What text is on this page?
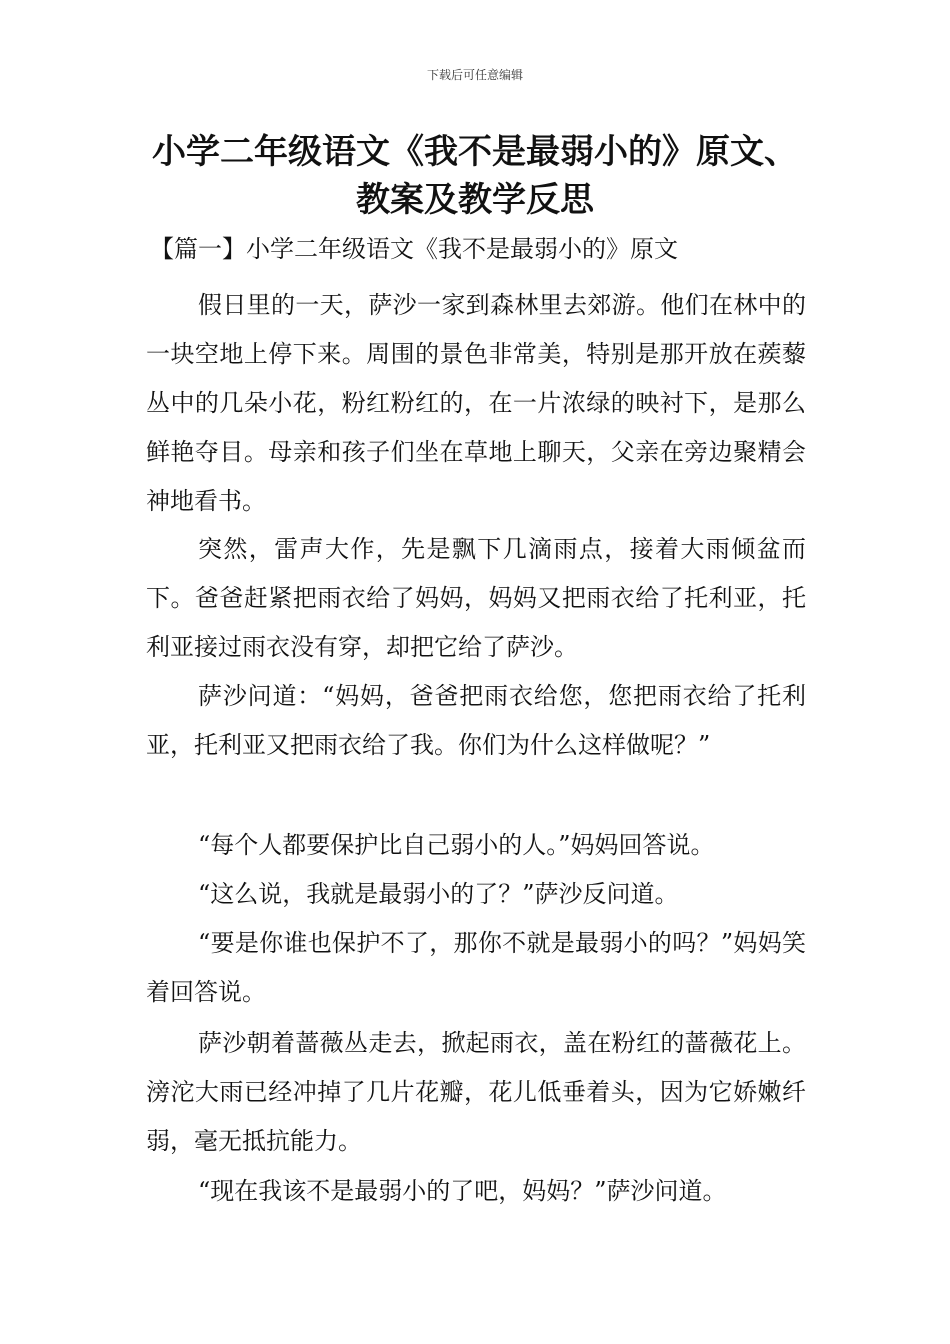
下载后可任意编辑
小学二年级语文《我不是最弱小的》原文、
教案及教学反思
【篇一】小学二年级语文《我不是最弱小的》原文

假日里的一天，萨沙一家到森林里去郊游。他们在林中的一块空地上停下来。周围的景色非常美，特别是那开放在蒺藜丛中的几朵小花，粉红粉红的，在一片浓绿的映衬下，是那么鲜艳夺目。母亲和孩子们坐在草地上聊天，父亲在旁边聚精会神地看书。

突然，雷声大作，先是飘下几滴雨点，接着大雨倾盆而下。爸爸赶紧把雨衣给了妈妈，妈妈又把雨衣给了托利亚，托利亚接过雨衣没有穿，却把它给了萨沙。

萨沙问道：“妈妈，爸爸把雨衣给您，您把雨衣给了托利亚，托利亚又把雨衣给了我。你们为什么这样做呢？”

“每个人都要保护比自己弱小的人。”妈妈回答说。

“这么说，我就是最弱小的了？”萨沙反问道。

“要是你谁也保护不了，那你不就是最弱小的吗？”妈妈笑着回答说。

萨沙朝着蔷薇丛走去，掀起雨衣，盖在粉红的蔷薇花上。滂沱大雨已经冲掉了几片花瓣，花儿低垂着头，因为它娇嫩纤弱，毫无抵抗能力。

“现在我该不是最弱小的了吧，妈妈？”萨沙问道。
